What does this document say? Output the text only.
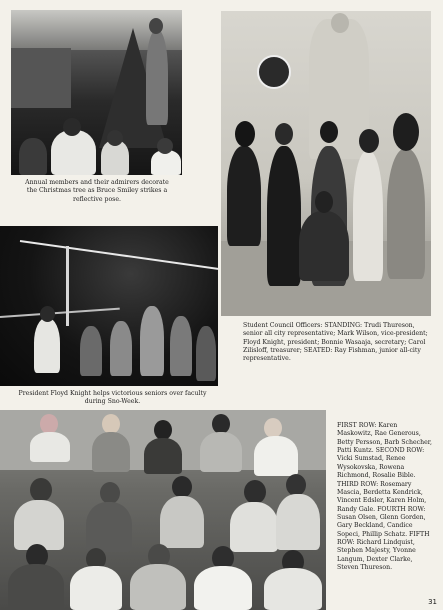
Annual members and their admirers decorate the Christmas tree as Bruce Smiley strikes a reflective pose.
President Floyd Knight helps victorious seniors over faculty during Sno-Week.
Student Council Officers: STANDING: Trudi Thureson, senior all city representative; Mark Wilson, vice-president; Floyd Knight, president; Bonnie Wasaaja, secretary; Carol Zilisloff, treasurer; SEATED: Ray Fishman, junior all-city representative.
FIRST ROW: Karen Maskowitz, Rae Generous, Betty Persson, Barb Schecher, Patti Kuntz. SECOND ROW: Vicki Sumstad, Renee Wysokovska, Rowena Richmond, Rosalie Bible. THIRD ROW: Rosemary Mascia, Berdetta Kendrick, Vincent Edsler, Karen Holm, Randy Gale. FOURTH ROW: Susan Olsen, Glenn Gorden, Gary Beckland, Candice Sopeci, Phillip Schatz. FIFTH ROW: Richard Lindquist, Stephen Majesty, Yvonne Langum, Dexter Clarke, Steven Thureson.
31
